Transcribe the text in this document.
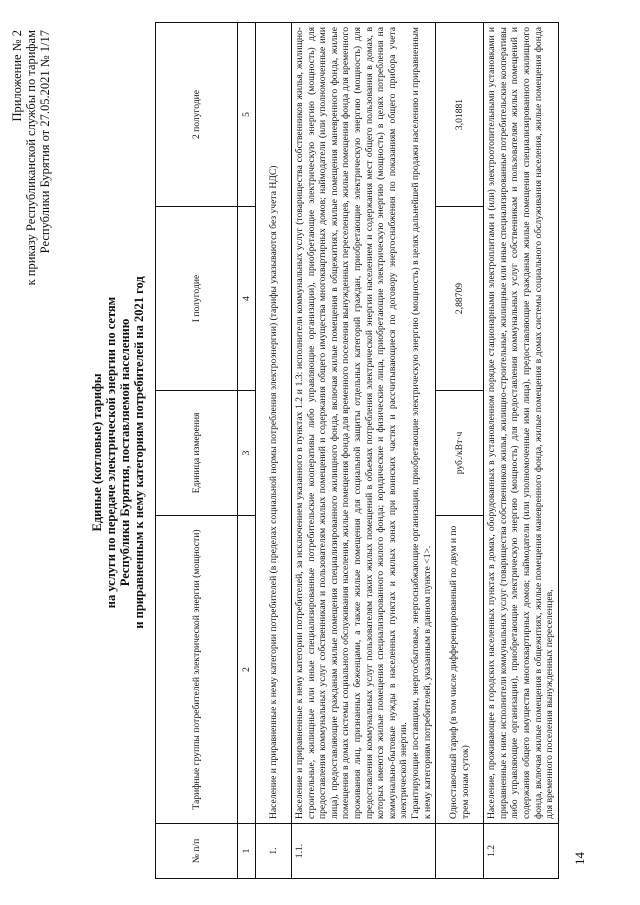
14
Приложение № 2 к приказу Республиканской службы по тарифам Республики Бурятия от 27.05.2021 № 1/17
Единые (котловые) тарифы на услуги по передаче электрической энергии по сетям Республики Бурятия, поставляемой населению и приравненным к нему категориям потребителей на 2021 год
№ п/п	Тарифные группы потребителей электрической энергии (мощности)	Единица измерения	I полугодие	2 полугодие
1	2	3	4	5
1.	Население и приравненные к нему категории потребителей (в пределах социальной нормы потребления электроэнергии) (тарифы указываются без учета НДС)			
1.1.	Население и приравненные к нему категории потребителей, за исключением указанного в пунктах 1.2 и 1.3: исполнители коммунальных услуг (товарищества собственников жилья, жилищно-строительные, жилищные или иные специализированные потребительские кооперативы либо управляющие организации), приобретающие электрическую энергию (мощность) для предоставления коммунальных услуг собственникам и пользователям жилых помещений и содержания общего имущества многоквартирных домов; наймодатели (или уполномоченные ими лица), предоставляющие гражданам жилые помещения специализированного жилищного фонда, включая жилые помещения в общежитиях, жилые помещения маневренного фонда, жилые помещения в домах системы социального обслуживания населения, жилые помещения фонда для временного поселения вынужденных переселенцев, жилые помещения фонда для временного проживания лиц, признанных беженцами, а также жилые помещения для социальной защиты отдельных категорий граждан, приобретающие электрическую энергию (мощность) для предоставления коммунальных услуг пользователям таких жилых помещений в объемах потребления электрической энергии населением и содержания мест общего пользования в домах, в которых имеются жилые помещения специализированного жилого фонда; юридические и физические лица, приобретающие электрическую энергию (мощность) в целях потребления на коммунально-бытовые нужды в населенных пунктах и жилых зонах при воинских частях и рассчитывающиеся по договору энергоснабжения по показаниям общего прибора учета электрической энергии. Гарантирующие поставщики, энергосбытовые, энергоснабжающие организации, приобретающие электрическую энергию (мощность) в целях дальнейшей продажи населению и приравненным к нему категориям потребителей, указанным в данном пункте <1>.			

	Одноставочный тариф (в том числе дифференцированный по двум и по трем зонам суток)	руб./кВт·ч	2,88709	3,01881
1.2	Население, проживающее в городских населенных пунктах в домах, оборудованных в установленном порядке стационарными электроплитами и (или) электроотопительными установками и приравненные к ним: исполнители коммунальных услуг (товарищества собственников жилья, жилищно-строительные, жилищные или иные специализированные потребительские кооперативы либо управляющие организации), приобретающие электрическую энергию (мощность) для предоставления коммунальных услуг собственникам и пользователям жилых помещений и содержания общего имущества многоквартирных домов; наймодатели (или уполномоченные ими лица), предоставляющие гражданам жилые помещения специализированного жилищного фонда, включая жилые помещения в общежитиях, жилые помещения маневренного фонда, жилые помещения в домах системы социального обслуживания населения, жилые помещения фонда для временного поселения вынужденных переселенцев,			
